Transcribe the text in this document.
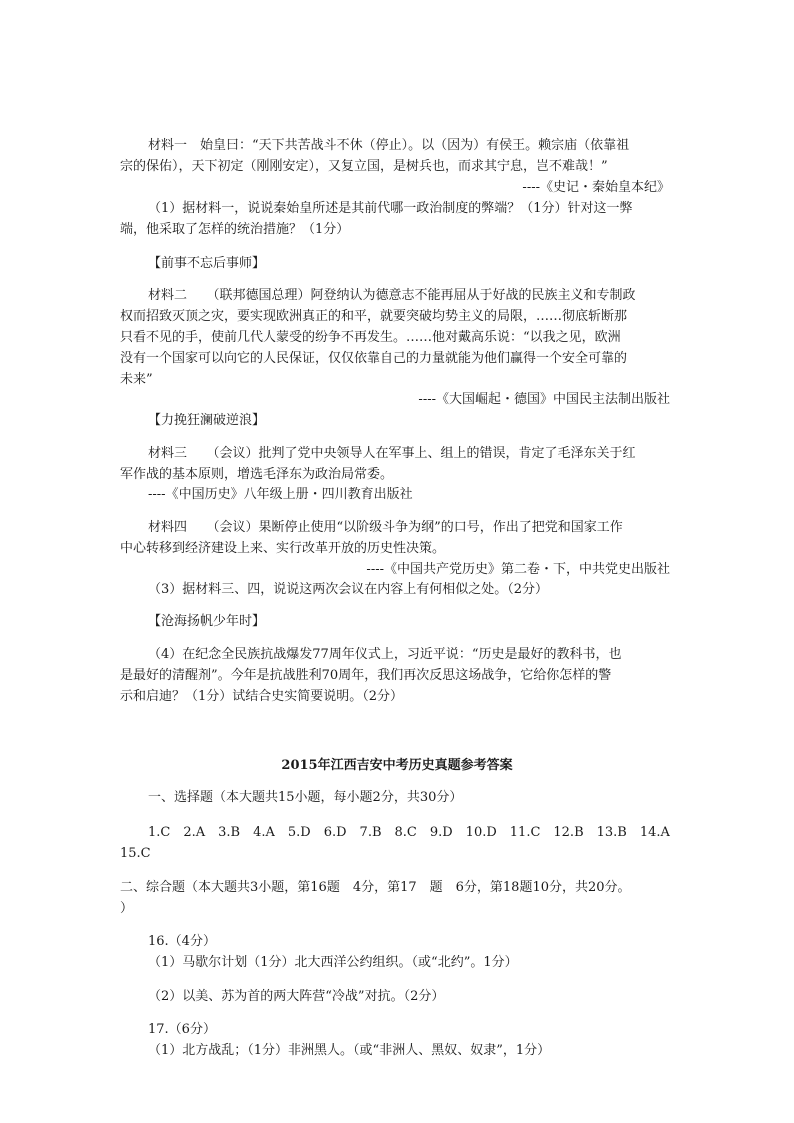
材料一　始皇曰：“天下共苦战斗不休（停止）。以（因为）有侯王。赖宗庙（依靠祖

宗的保佑），天下初定（刚刚安定），又复立国，是树兵也，而求其宁息，岂不难哉！”

----《史记・秦始皇本纪》

（1）据材料一，说说秦始皇所述是其前代哪一政治制度的弊端？（1分）针对这一弊

端，他采取了怎样的统治措施？（1分）

【前事不忘后事师】

材料二　　（联邦德国总理）阿登纳认为德意志不能再屈从于好战的民族主义和专制政

权而招致灭顶之灾，要实现欧洲真正的和平，就要突破均势主义的局限，……彻底斩断那

只看不见的手，使前几代人蒙受的纷争不再发生。……他对戴高乐说：“以我之见，欧洲

没有一个国家可以向它的人民保证，仅仅依靠自己的力量就能为他们赢得一个安全可靠的

未来”

----《大国崛起・德国》中国民主法制出版社

【力挽狂澜破逆浪】

材料三　　（会议）批判了党中央领导人在军事上、组上的错误，肯定了毛泽东关于红

军作战的基本原则，增选毛泽东为政治局常委。

----《中国历史》八年级上册・四川教育出版社

材料四　　（会议）果断停止使用“以阶级斗争为纲”的口号，作出了把党和国家工作

中心转移到经济建设上来、实行改革开放的历史性决策。

----《中国共产党历史》第二卷・下，中共党史出版社

（3）据材料三、四，说说这两次会议在内容上有何相似之处。（2分）

【沧海扬帆少年时】

（4）在纪念全民族抗战爆发77周年仪式上，习近平说：“历史是最好的教科书，也

是最好的清醒剂”。今年是抗战胜利70周年，我们再次反思这场战争，它给你怎样的警

示和启迪？（1分）试结合史实简要说明。（2分）

2015年江西吉安中考历史真题参考答案

一、选择题（本大题共15小题，每小题2分，共30分）

1.C　2.A　3.B　4.A　5.D　6.D　7.B　8.C　9.D　10.D　11.C　12.B　13.B　14.A

15.C

二、综合题（本大题共3小题，第16题　4分，第17　题　6分，第18题10分，共20分。

）

16.（4分）

（1）马歇尔计划（1分）北大西洋公约组织。（或“北约”。1分）

（2）以美、苏为首的两大阵营“冷战”对抗。（2分）

17.（6分）

（1）北方战乱；（1分）非洲黑人。（或“非洲人、黑奴、奴隶”，1分）
